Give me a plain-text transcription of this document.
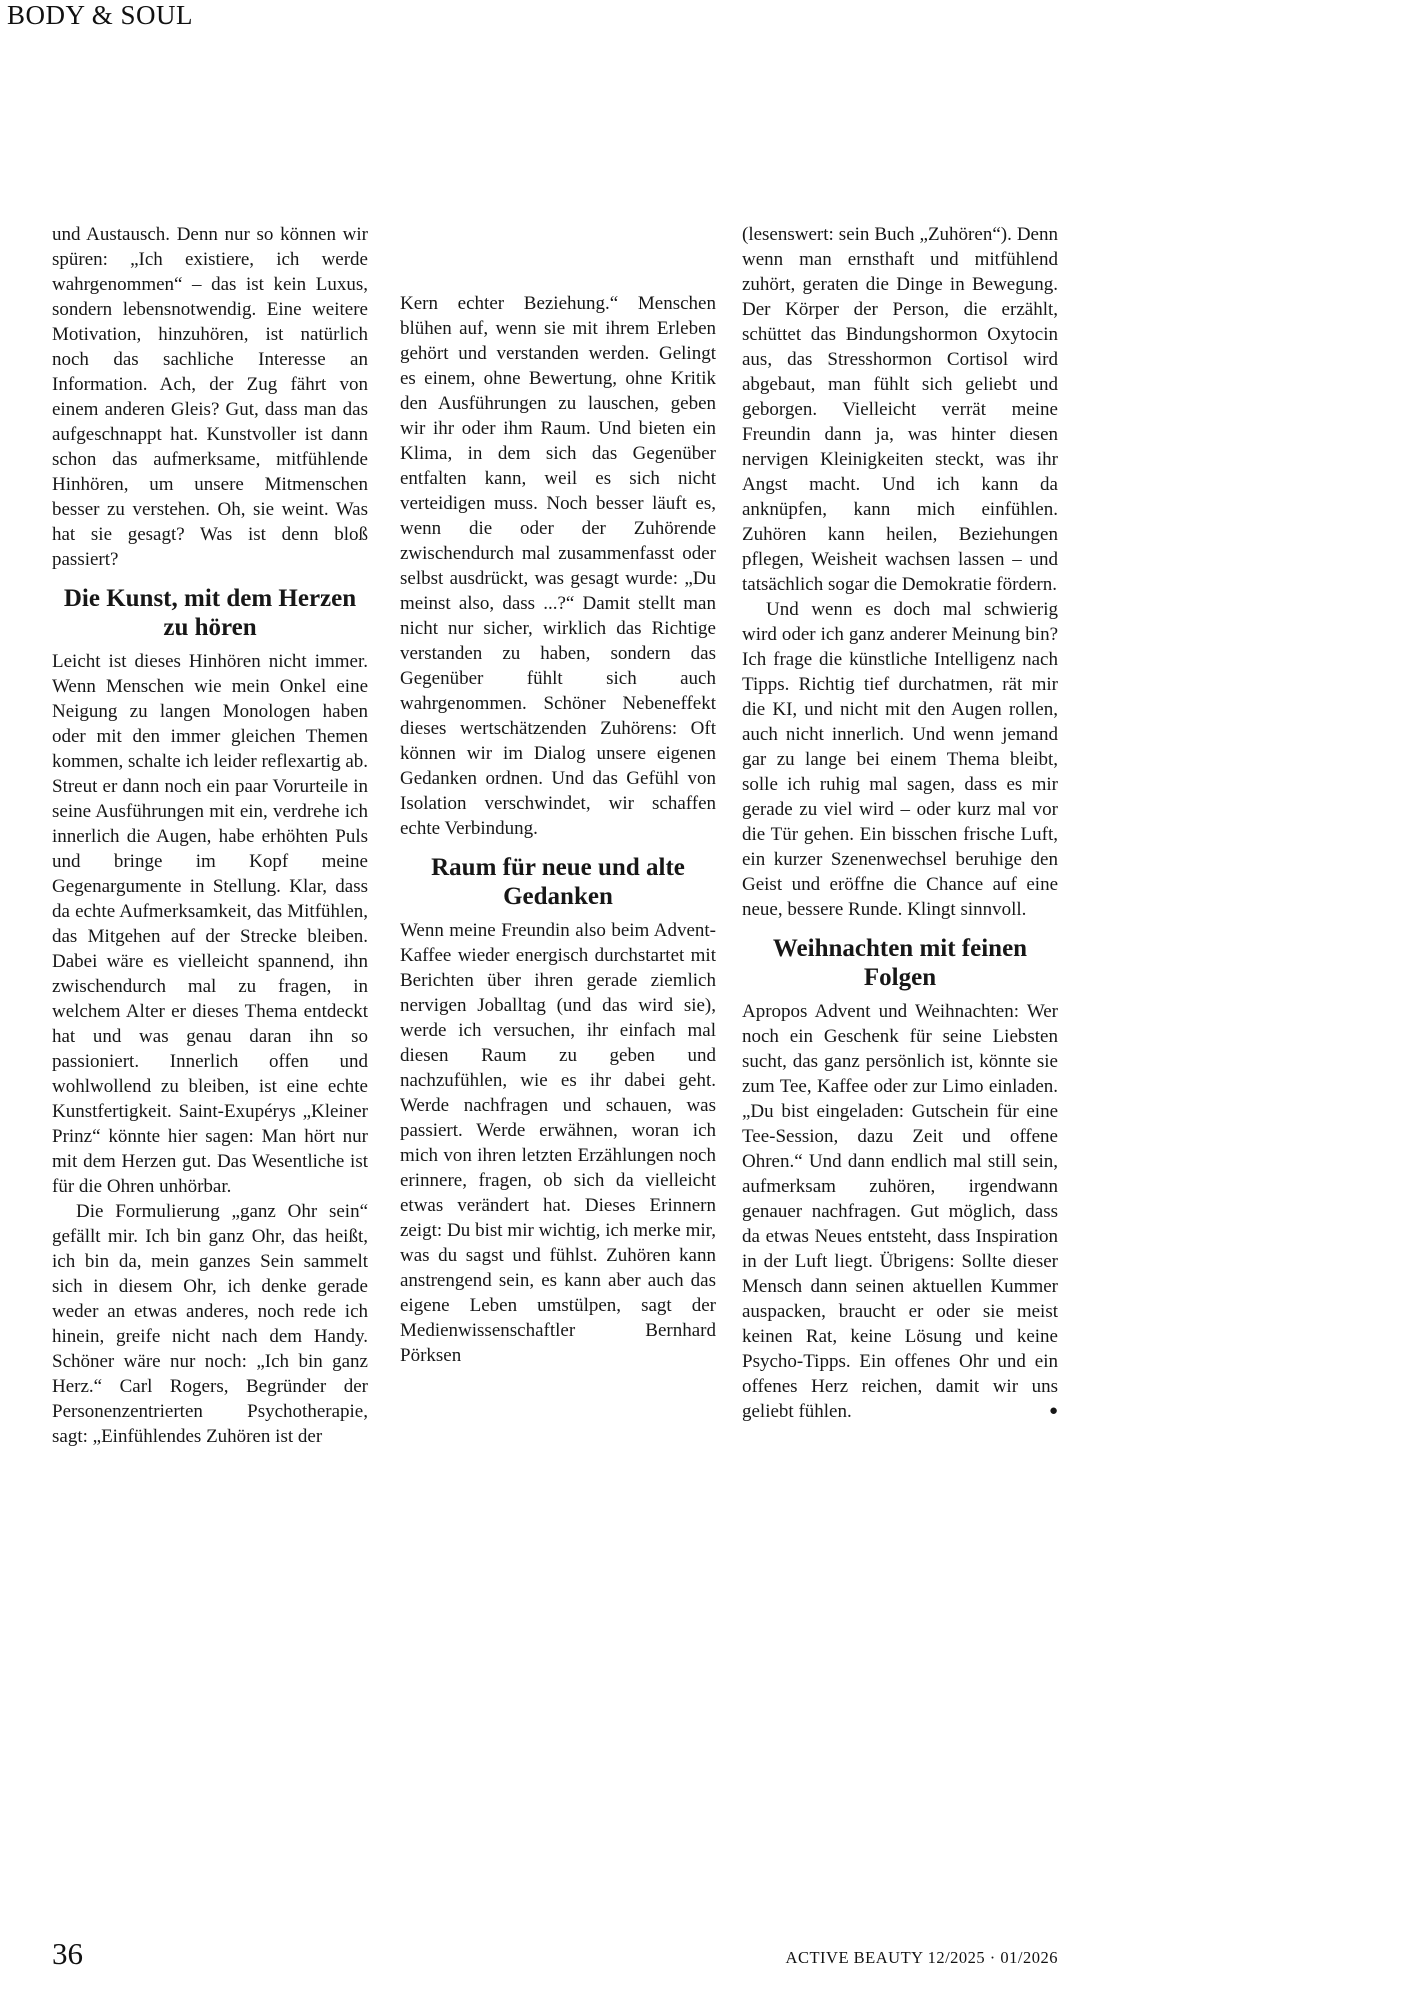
BODY & SOUL

und Austausch. Denn nur so können wir spüren: „Ich existiere, ich werde wahrgenommen“ – das ist kein Luxus, sondern lebensnotwendig. Eine weitere Motivation, hinzuhören, ist natürlich noch das sachliche Interesse an Information. Ach, der Zug fährt von einem anderen Gleis? Gut, dass man das aufgeschnappt hat. Kunstvoller ist dann schon das aufmerksame, mitfühlende Hinhören, um unsere Mitmenschen besser zu verstehen. Oh, sie weint. Was hat sie gesagt? Was ist denn bloß passiert?

Die Kunst, mit dem Herzen zu hören

Leicht ist dieses Hinhören nicht immer. Wenn Menschen wie mein Onkel eine Neigung zu langen Monologen haben oder mit den immer gleichen Themen kommen, schalte ich leider reflexartig ab. Streut er dann noch ein paar Vorurteile in seine Ausführungen mit ein, verdrehe ich innerlich die Augen, habe erhöhten Puls und bringe im Kopf meine Gegenargumente in Stellung. Klar, dass da echte Aufmerksamkeit, das Mitfühlen, das Mitgehen auf der Strecke bleiben. Dabei wäre es vielleicht spannend, ihn zwischendurch mal zu fragen, in welchem Alter er dieses Thema entdeckt hat und was genau daran ihn so passioniert. Innerlich offen und wohlwollend zu bleiben, ist eine echte Kunstfertigkeit. Saint-Exupérys „Kleiner Prinz“ könnte hier sagen: Man hört nur mit dem Herzen gut. Das Wesentliche ist für die Ohren unhörbar.

Die Formulierung „ganz Ohr sein“ gefällt mir. Ich bin ganz Ohr, das heißt, ich bin da, mein ganzes Sein sammelt sich in diesem Ohr, ich denke gerade weder an etwas anderes, noch rede ich hinein, greife nicht nach dem Handy. Schöner wäre nur noch: „Ich bin ganz Herz.“ Carl Rogers, Begründer der Personenzentrierten Psychotherapie, sagt: „Einfühlendes Zuhören ist der

Kern echter Beziehung.“ Menschen blühen auf, wenn sie mit ihrem Erleben gehört und verstanden werden. Gelingt es einem, ohne Bewertung, ohne Kritik den Ausführungen zu lauschen, geben wir ihr oder ihm Raum. Und bieten ein Klima, in dem sich das Gegenüber entfalten kann, weil es sich nicht verteidigen muss. Noch besser läuft es, wenn die oder der Zuhörende zwischendurch mal zusammenfasst oder selbst ausdrückt, was gesagt wurde: „Du meinst also, dass ...?“ Damit stellt man nicht nur sicher, wirklich das Richtige verstanden zu haben, sondern das Gegenüber fühlt sich auch wahrgenommen. Schöner Nebeneffekt dieses wertschätzenden Zuhörens: Oft können wir im Dialog unsere eigenen Gedanken ordnen. Und das Gefühl von Isolation verschwindet, wir schaffen echte Verbindung.

Raum für neue und alte Gedanken

Wenn meine Freundin also beim Advent-Kaffee wieder energisch durchstartet mit Berichten über ihren gerade ziemlich nervigen Joballtag (und das wird sie), werde ich versuchen, ihr einfach mal diesen Raum zu geben und nachzufühlen, wie es ihr dabei geht. Werde nachfragen und schauen, was passiert. Werde erwähnen, woran ich mich von ihren letzten Erzählungen noch erinnere, fragen, ob sich da vielleicht etwas verändert hat. Dieses Erinnern zeigt: Du bist mir wichtig, ich merke mir, was du sagst und fühlst. Zuhören kann anstrengend sein, es kann aber auch das eigene Leben umstülpen, sagt der Medienwissenschaftler Bernhard Pörksen

(lesenswert: sein Buch „Zuhören“). Denn wenn man ernsthaft und mitfühlend zuhört, geraten die Dinge in Bewegung. Der Körper der Person, die erzählt, schüttet das Bindungshormon Oxytocin aus, das Stresshormon Cortisol wird abgebaut, man fühlt sich geliebt und geborgen. Vielleicht verrät meine Freundin dann ja, was hinter diesen nervigen Kleinigkeiten steckt, was ihr Angst macht. Und ich kann da anknüpfen, kann mich einfühlen. Zuhören kann heilen, Beziehungen pflegen, Weisheit wachsen lassen – und tatsächlich sogar die Demokratie fördern.

Und wenn es doch mal schwierig wird oder ich ganz anderer Meinung bin? Ich frage die künstliche Intelligenz nach Tipps. Richtig tief durchatmen, rät mir die KI, und nicht mit den Augen rollen, auch nicht innerlich. Und wenn jemand gar zu lange bei einem Thema bleibt, solle ich ruhig mal sagen, dass es mir gerade zu viel wird – oder kurz mal vor die Tür gehen. Ein bisschen frische Luft, ein kurzer Szenenwechsel beruhige den Geist und eröffne die Chance auf eine neue, bessere Runde. Klingt sinnvoll.

Weihnachten mit feinen Folgen

Apropos Advent und Weihnachten: Wer noch ein Geschenk für seine Liebsten sucht, das ganz persönlich ist, könnte sie zum Tee, Kaffee oder zur Limo einladen. „Du bist eingeladen: Gutschein für eine Tee-Session, dazu Zeit und offene Ohren.“ Und dann endlich mal still sein, aufmerksam zuhören, irgendwann genauer nachfragen. Gut möglich, dass da etwas Neues entsteht, dass Inspiration in der Luft liegt. Übrigens: Sollte dieser Mensch dann seinen aktuellen Kummer auspacken, braucht er oder sie meist keinen Rat, keine Lösung und keine Psycho-Tipps. Ein offenes Ohr und ein offenes Herz reichen, damit wir uns geliebt fühlen.	●

36	ACTIVE BEAUTY 12/2025 · 01/2026
